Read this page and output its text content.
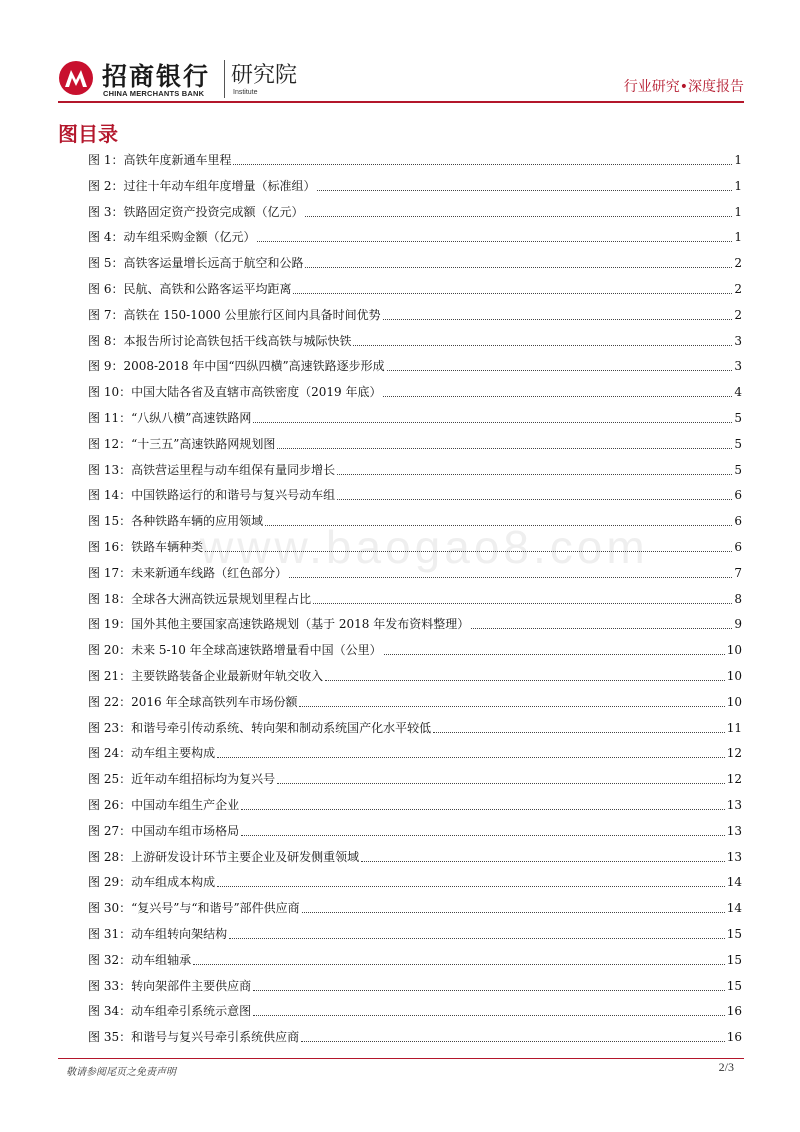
招商银行
CHINA MERCHANTS BANK
研究院
Institute	行业研究•深度报告
www.baogao8.com
图目录
图 1：高铁年度新通车里程	1
图 2：过往十年动车组年度增量（标准组）	1
图 3：铁路固定资产投资完成额（亿元）	1
图 4：动车组采购金额（亿元）	1
图 5：高铁客运量增长远高于航空和公路	2
图 6：民航、高铁和公路客运平均距离	2
图 7：高铁在 150-1000 公里旅行区间内具备时间优势	2
图 8：本报告所讨论高铁包括干线高铁与城际快铁	3
图 9：2008-2018 年中国“四纵四横”高速铁路逐步形成	3
图 10：中国大陆各省及直辖市高铁密度（2019 年底）	4
图 11：“八纵八横”高速铁路网	5
图 12：“十三五”高速铁路网规划图	5
图 13：高铁营运里程与动车组保有量同步增长	5
图 14：中国铁路运行的和谐号与复兴号动车组	6
图 15：各种铁路车辆的应用领域	6
图 16：铁路车辆种类	6
图 17：未来新通车线路（红色部分）	7
图 18：全球各大洲高铁远景规划里程占比	8
图 19：国外其他主要国家高速铁路规划（基于 2018 年发布资料整理）	9
图 20：未来 5-10 年全球高速铁路增量看中国（公里）	10
图 21：主要铁路装备企业最新财年轨交收入	10
图 22：2016 年全球高铁列车市场份额	10
图 23：和谐号牵引传动系统、转向架和制动系统国产化水平较低	11
图 24：动车组主要构成	12
图 25：近年动车组招标均为复兴号	12
图 26：中国动车组生产企业	13
图 27：中国动车组市场格局	13
图 28：上游研发设计环节主要企业及研发侧重领域	13
图 29：动车组成本构成	14
图 30：“复兴号”与“和谐号”部件供应商	14
图 31：动车组转向架结构	15
图 32：动车组轴承	15
图 33：转向架部件主要供应商	15
图 34：动车组牵引系统示意图	16
图 35：和谐号与复兴号牵引系统供应商	16
敬请参阅尾页之免责声明	2/3
